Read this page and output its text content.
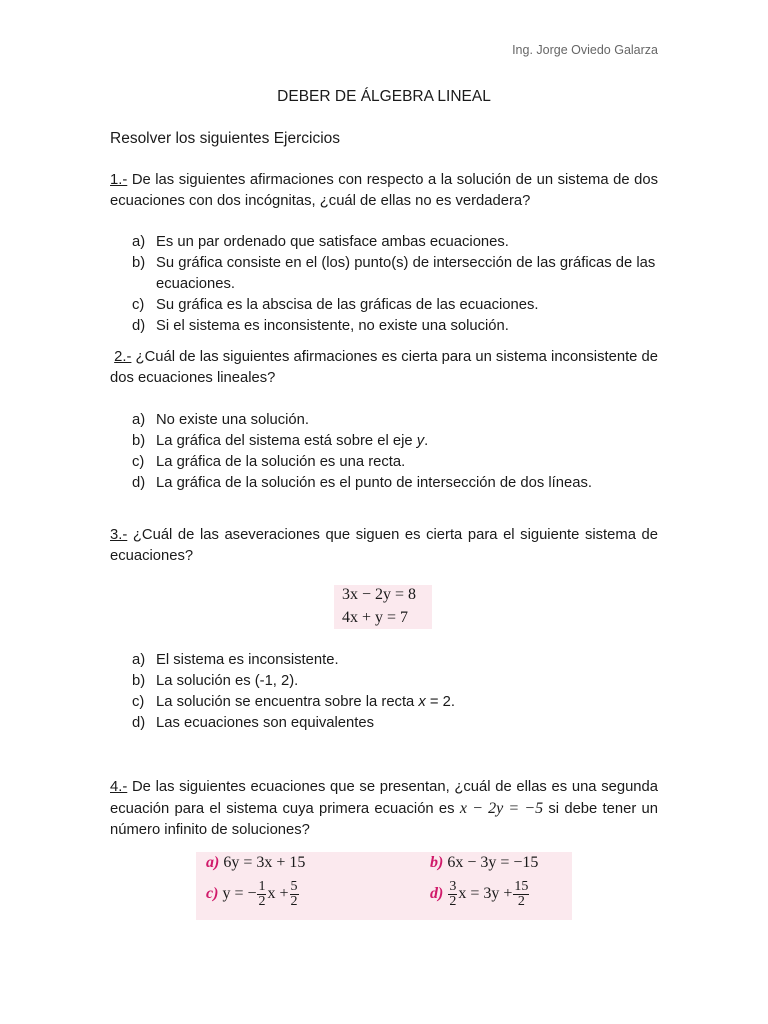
Ing. Jorge Oviedo Galarza
DEBER DE ÁLGEBRA LINEAL
Resolver los siguientes Ejercicios
1.- De las siguientes afirmaciones con respecto a la solución de un sistema de dos ecuaciones con dos incógnitas, ¿cuál de ellas no es verdadera?
a) Es un par ordenado que satisface ambas ecuaciones.
b) Su gráfica consiste en el (los) punto(s) de intersección de las gráficas de las ecuaciones.
c) Su gráfica es la abscisa de las gráficas de las ecuaciones.
d) Si el sistema es inconsistente, no existe una solución.
2.- ¿Cuál de las siguientes afirmaciones es cierta para un sistema inconsistente de dos ecuaciones lineales?
a) No existe una solución.
b) La gráfica del sistema está sobre el eje y.
c) La gráfica de la solución es una recta.
d) La gráfica de la solución es el punto de intersección de dos líneas.
3.- ¿Cuál de las aseveraciones que siguen es cierta para el siguiente sistema de ecuaciones?
3x − 2y = 8
4x + y = 7
a) El sistema es inconsistente.
b) La solución es (-1, 2).
c) La solución se encuentra sobre la recta x = 2.
d) Las ecuaciones son equivalentes
4.- De las siguientes ecuaciones que se presentan, ¿cuál de ellas es una segunda ecuación para el sistema cuya primera ecuación es x − 2y = −5 si debe tener un número infinito de soluciones?
a) 6y = 3x + 15	b) 6x − 3y = −15
c) y = − $\frac{1}{2}$ $x + \frac{5}{2}$	$d) \frac{3}{2}$ $x = 3y + \frac{15}{2}$
